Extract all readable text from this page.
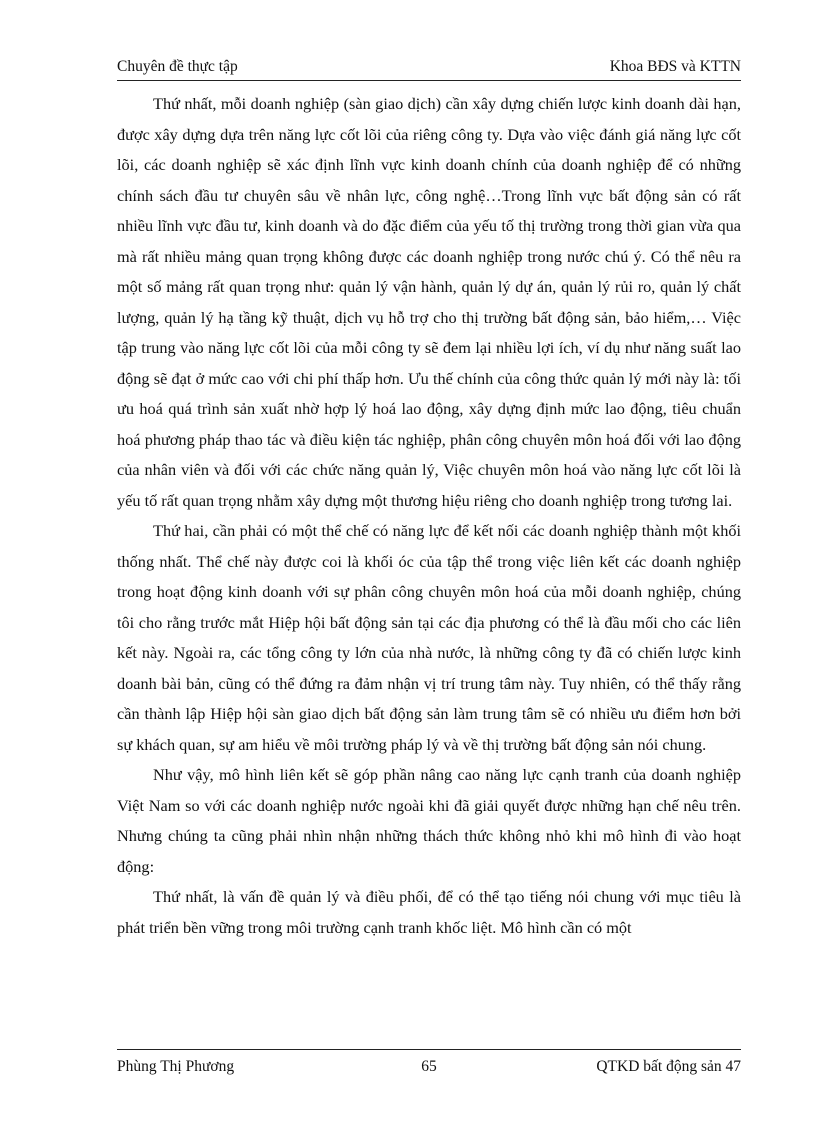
Chuyên đề thực tập	Khoa BĐS và KTTN

Thứ nhất, mỗi doanh nghiệp (sàn giao dịch) cần xây dựng chiến lược kinh doanh dài hạn, được xây dựng dựa trên năng lực cốt lõi của riêng công ty. Dựa vào việc đánh giá năng lực cốt lõi, các doanh nghiệp sẽ xác định lĩnh vực kinh doanh chính của doanh nghiệp để có những chính sách đầu tư chuyên sâu về nhân lực, công nghệ…Trong lĩnh vực bất động sản có rất nhiều lĩnh vực đầu tư, kinh doanh và do đặc điểm của yếu tố thị trường trong thời gian vừa qua mà rất nhiều mảng quan trọng không được các doanh nghiệp trong nước chú ý. Có thể nêu ra một số mảng rất quan trọng như: quản lý vận hành, quản lý dự án, quản lý rủi ro, quản lý chất lượng, quản lý hạ tầng kỹ thuật, dịch vụ hỗ trợ cho thị trường bất động sản, bảo hiểm,… Việc tập trung vào năng lực cốt lõi của mỗi công ty sẽ đem lại nhiều lợi ích, ví dụ như năng suất lao động sẽ đạt ở mức cao với chi phí thấp hơn. Ưu thế chính của công thức quản lý mới này là: tối ưu hoá quá trình sản xuất nhờ hợp lý hoá lao động, xây dựng định mức lao động, tiêu chuẩn hoá phương pháp thao tác và điều kiện tác nghiệp, phân công chuyên môn hoá đối với lao động của nhân viên và đối với các chức năng quản lý, Việc chuyên môn hoá vào năng lực cốt lõi là yếu tố rất quan trọng nhằm xây dựng một thương hiệu riêng cho doanh nghiệp trong tương lai.

Thứ hai, cần phải có một thể chế có năng lực để kết nối các doanh nghiệp thành một khối thống nhất. Thể chế này được coi là khối óc của tập thể trong việc liên kết các doanh nghiệp trong hoạt động kinh doanh với sự phân công chuyên môn hoá của mỗi doanh nghiệp, chúng tôi cho rằng trước mắt Hiệp hội bất động sản tại các địa phương có thể là đầu mối cho các liên kết này. Ngoài ra, các tổng công ty lớn của nhà nước, là những công ty đã có chiến lược kinh doanh bài bản, cũng có thể đứng ra đảm nhận vị trí trung tâm này. Tuy nhiên, có thể thấy rằng cần thành lập Hiệp hội sàn giao dịch bất động sản làm trung tâm sẽ có nhiều ưu điểm hơn bởi sự khách quan, sự am hiểu về môi trường pháp lý và về thị trường bất động sản nói chung.

Như vậy, mô hình liên kết sẽ góp phần nâng cao năng lực cạnh tranh của doanh nghiệp Việt Nam so với các doanh nghiệp nước ngoài khi đã giải quyết được những hạn chế nêu trên. Nhưng chúng ta cũng phải nhìn nhận những thách thức không nhỏ khi mô hình đi vào hoạt động:

Thứ nhất, là vấn đề quản lý và điều phối, để có thể tạo tiếng nói chung với mục tiêu là phát triển bền vững trong môi trường cạnh tranh khốc liệt. Mô hình cần có một

Phùng Thị Phương	65	QTKD bất động sản 47
